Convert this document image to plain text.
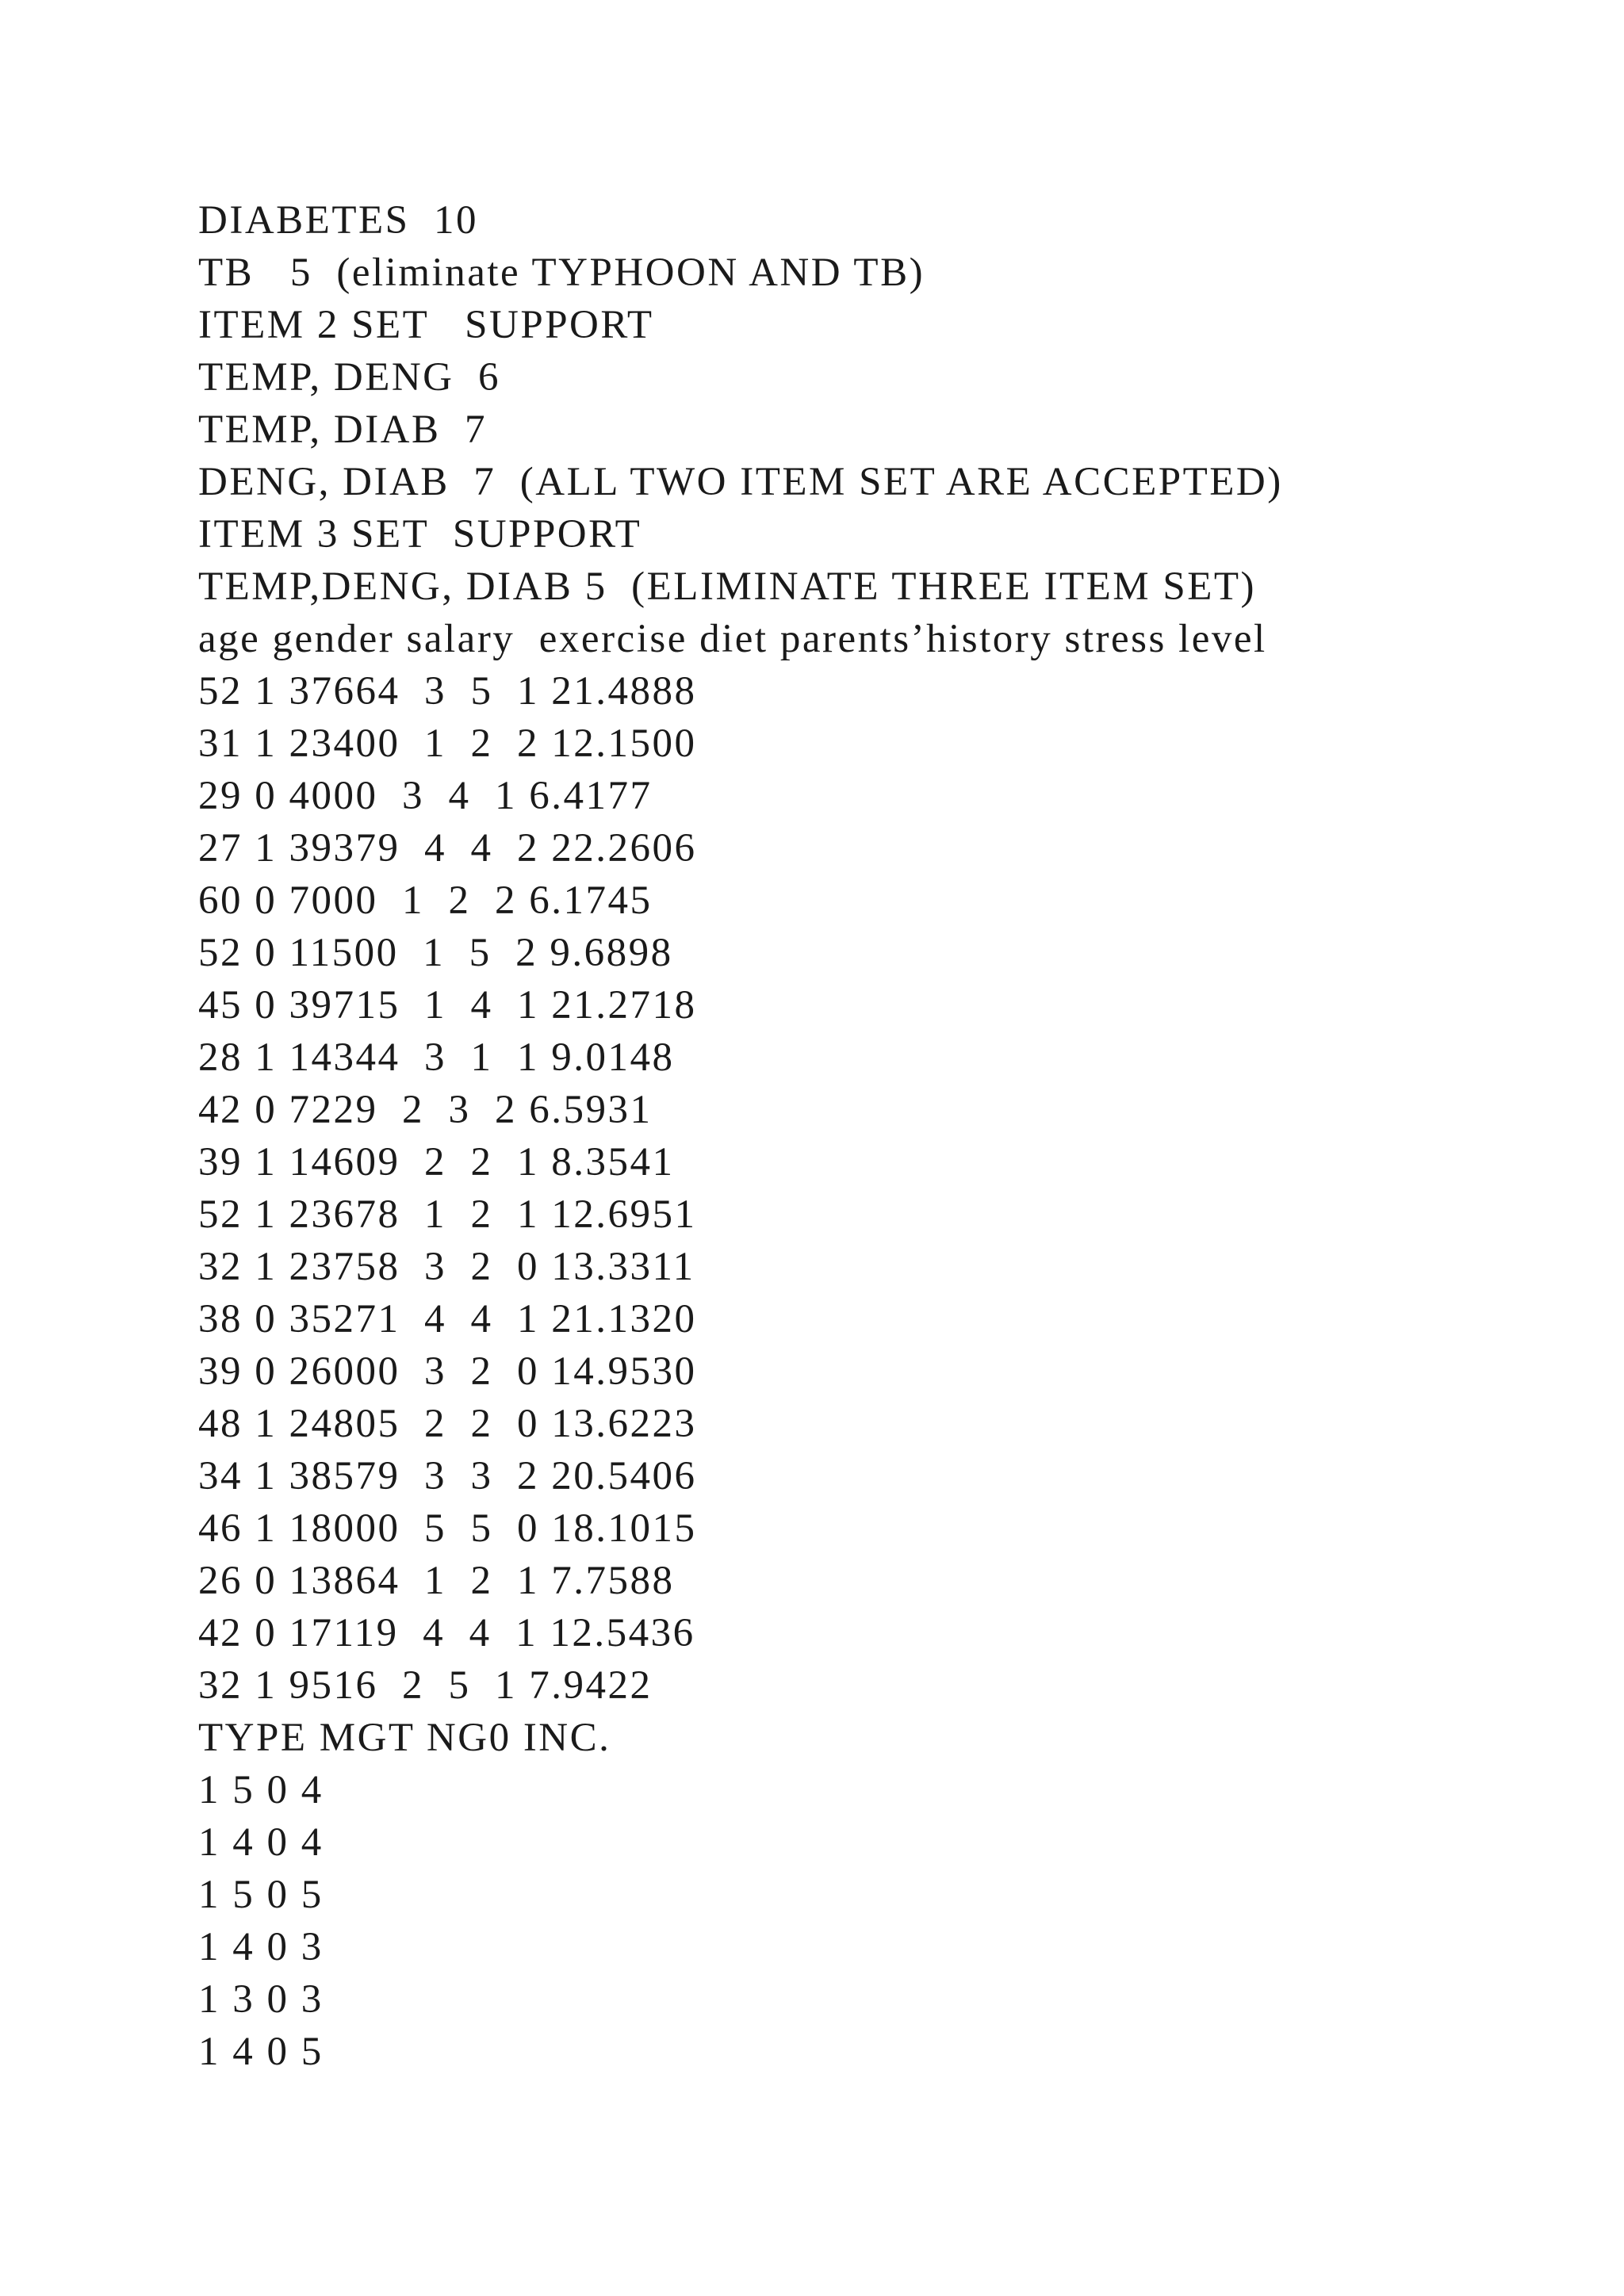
DIABETES  10
TB   5  (eliminate TYPHOON AND TB)
ITEM 2 SET   SUPPORT
TEMP, DENG  6
TEMP, DIAB  7
DENG, DIAB  7  (ALL TWO ITEM SET ARE ACCEPTED)
ITEM 3 SET  SUPPORT
TEMP,DENG, DIAB 5  (ELIMINATE THREE ITEM SET)
age gender salary  exercise diet parents’history stress level
52 1 37664  3  5  1 21.4888
31 1 23400  1  2  2 12.1500
29 0 4000  3  4  1 6.4177
27 1 39379  4  4  2 22.2606
60 0 7000  1  2  2 6.1745
52 0 11500  1  5  2 9.6898
45 0 39715  1  4  1 21.2718
28 1 14344  3  1  1 9.0148
42 0 7229  2  3  2 6.5931
39 1 14609  2  2  1 8.3541
52 1 23678  1  2  1 12.6951
32 1 23758  3  2  0 13.3311
38 0 35271  4  4  1 21.1320
39 0 26000  3  2  0 14.9530
48 1 24805  2  2  0 13.6223
34 1 38579  3  3  2 20.5406
46 1 18000  5  5  0 18.1015
26 0 13864  1  2  1 7.7588
42 0 17119  4  4  1 12.5436
32 1 9516  2  5  1 7.9422
TYPE MGT NG0 INC.
1 5 0 4
1 4 0 4
1 5 0 5
1 4 0 3
1 3 0 3
1 4 0 5
